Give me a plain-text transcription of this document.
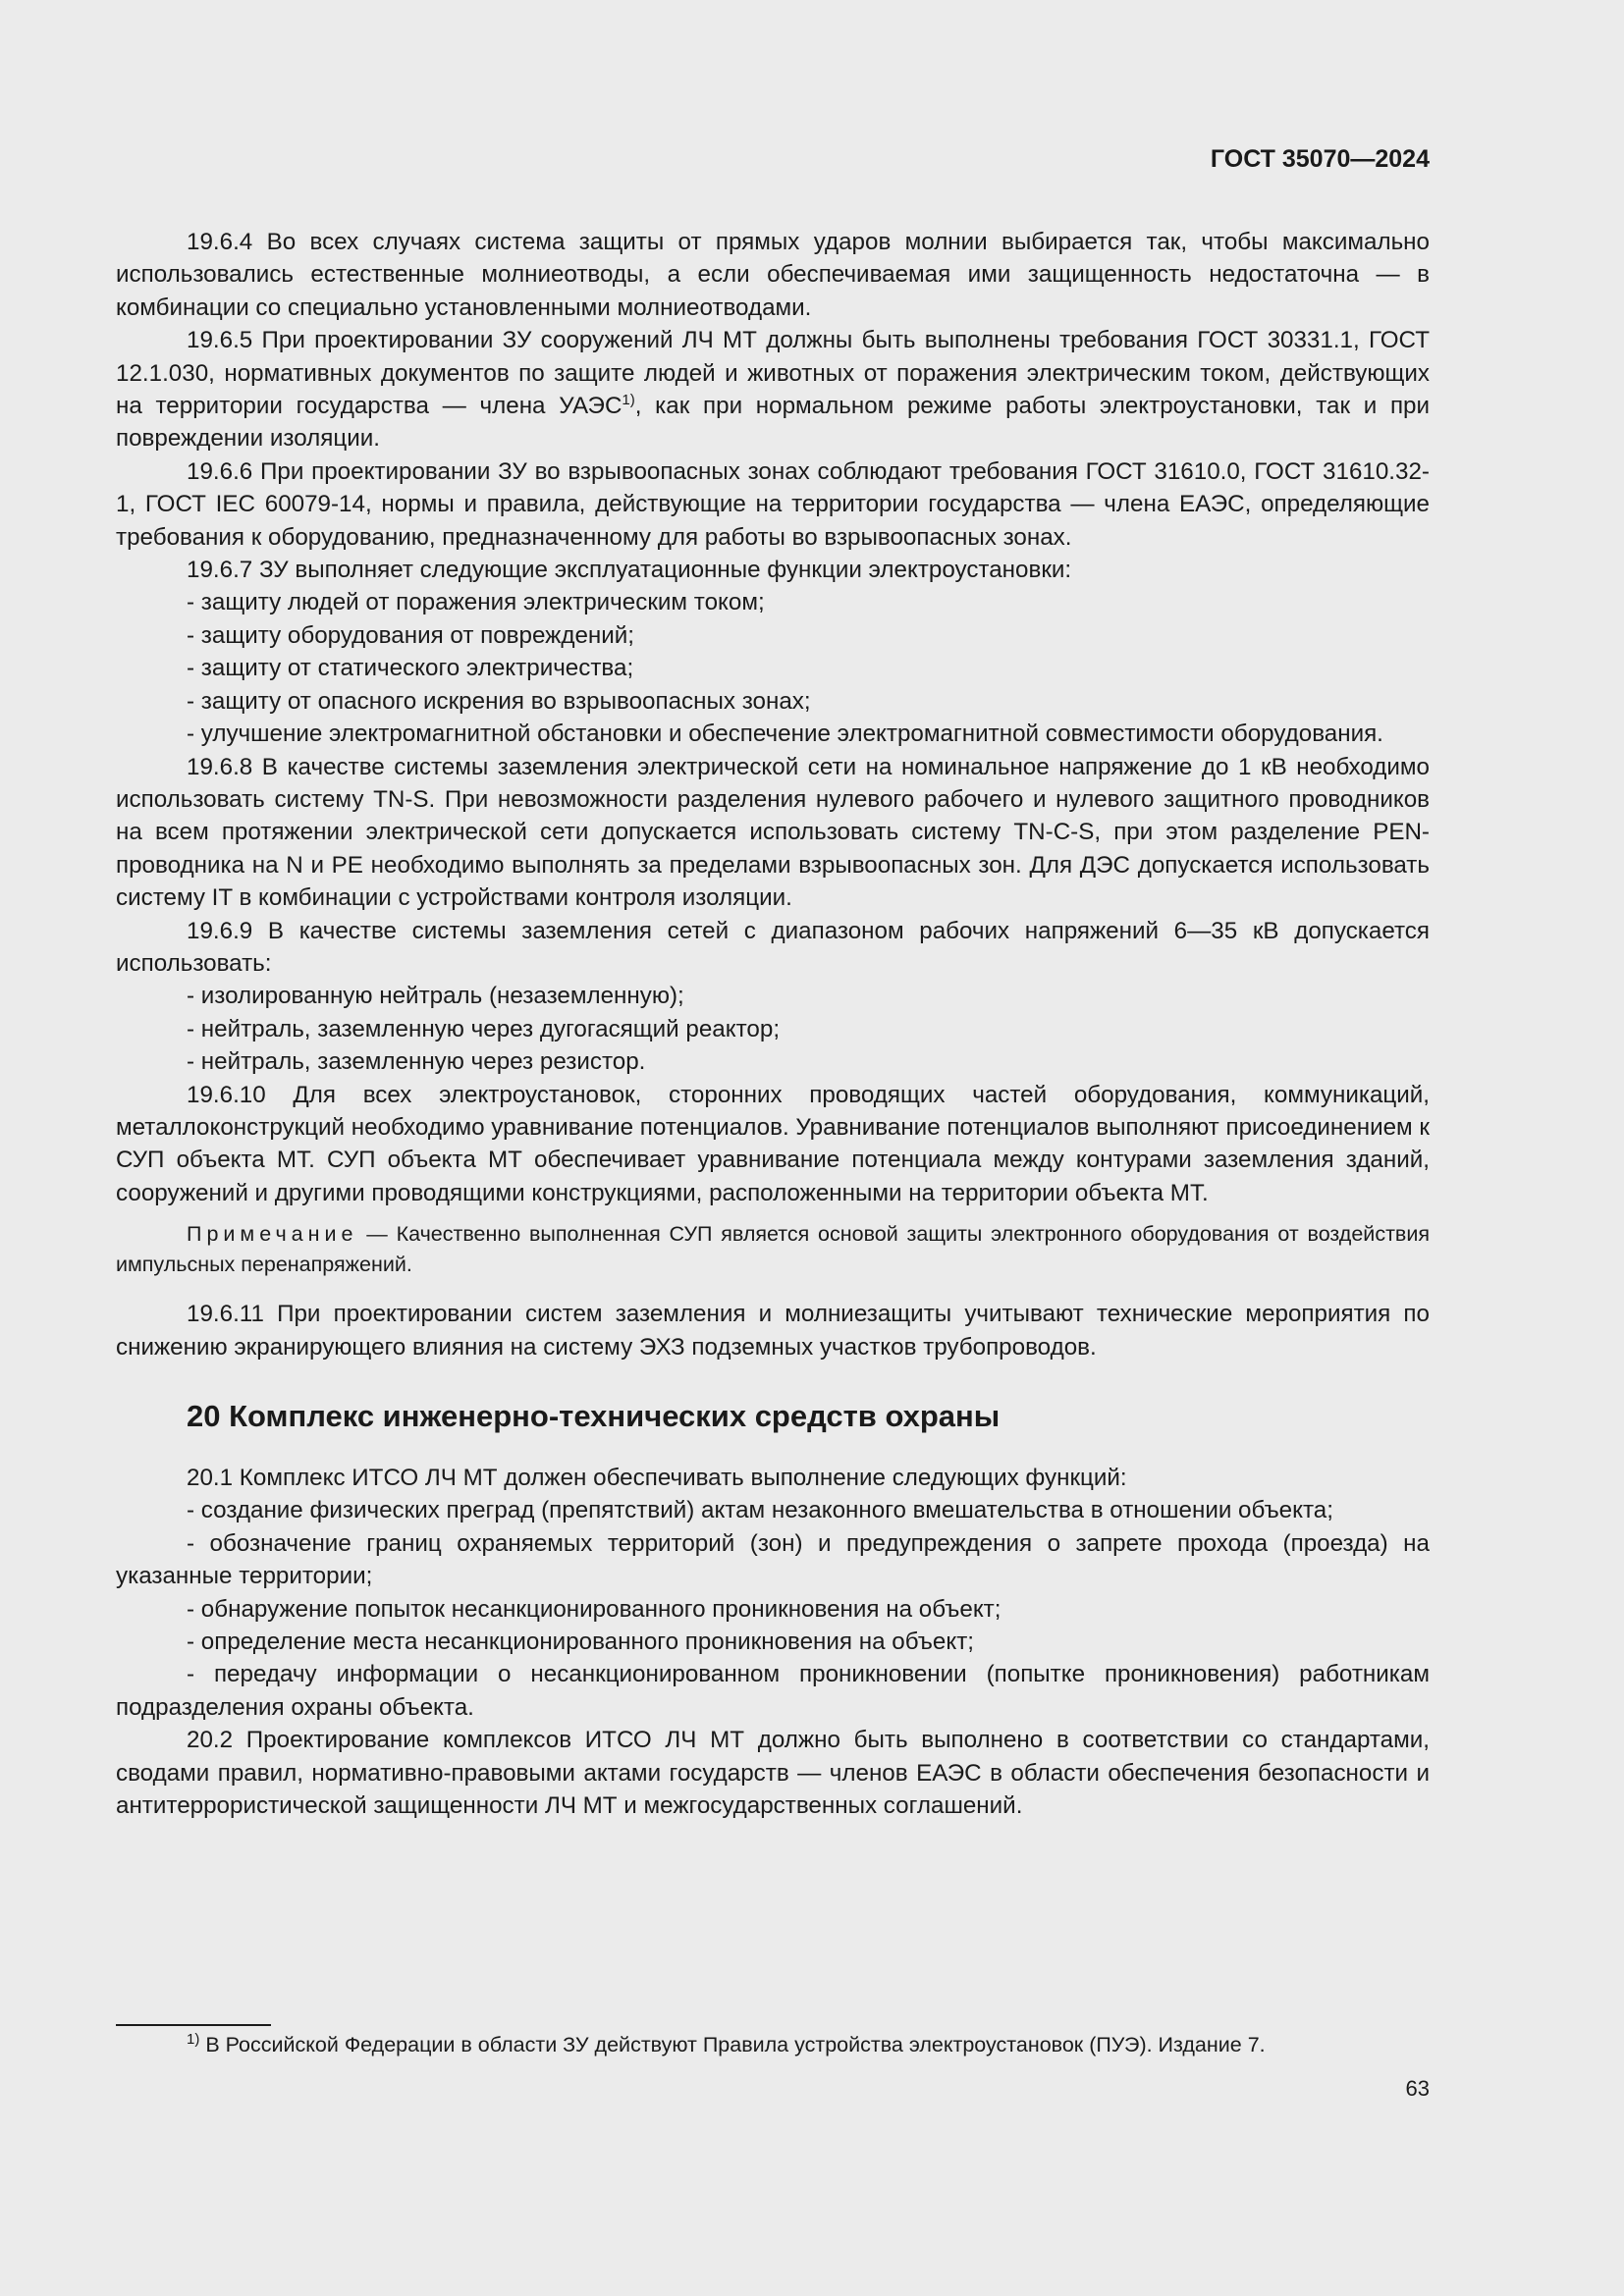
ГОСТ 35070—2024

19.6.4 Во всех случаях система защиты от прямых ударов молнии выбирается так, чтобы максимально использовались естественные молниеотводы, а если обеспечиваемая ими защищенность недостаточна — в комбинации со специально установленными молниеотводами.

19.6.5 При проектировании ЗУ сооружений ЛЧ МТ должны быть выполнены требования ГОСТ 30331.1, ГОСТ 12.1.030, нормативных документов по защите людей и животных от поражения электрическим током, действующих на территории государства — члена УАЭС$^{1)}$, как при нормальном режиме работы электроустановки, так и при повреждении изоляции.

19.6.6 При проектировании ЗУ во взрывоопасных зонах соблюдают требования ГОСТ 31610.0, ГОСТ 31610.32-1, ГОСТ IEC 60079-14, нормы и правила, действующие на территории государства — члена ЕАЭС, определяющие требования к оборудованию, предназначенному для работы во взрывоопасных зонах.

19.6.7 ЗУ выполняет следующие эксплуатационные функции электроустановки:

- защиту людей от поражения электрическим током;

- защиту оборудования от повреждений;

- защиту от статического электричества;

- защиту от опасного искрения во взрывоопасных зонах;

- улучшение электромагнитной обстановки и обеспечение электромагнитной совместимости оборудования.

19.6.8 В качестве системы заземления электрической сети на номинальное напряжение до 1 кВ необходимо использовать систему TN-S. При невозможности разделения нулевого рабочего и нулевого защитного проводников на всем протяжении электрической сети допускается использовать систему TN-C-S, при этом разделение PEN-проводника на N и PE необходимо выполнять за пределами взрывоопасных зон. Для ДЭС допускается использовать систему IT в комбинации с устройствами контроля изоляции.

19.6.9 В качестве системы заземления сетей с диапазоном рабочих напряжений 6—35 кВ допускается использовать:

- изолированную нейтраль (незаземленную);

- нейтраль, заземленную через дугогасящий реактор;

- нейтраль, заземленную через резистор.

19.6.10 Для всех электроустановок, сторонних проводящих частей оборудования, коммуникаций, металлоконструкций необходимо уравнивание потенциалов. Уравнивание потенциалов выполняют присоединением к СУП объекта МТ. СУП объекта МТ обеспечивает уравнивание потенциала между контурами заземления зданий, сооружений и другими проводящими конструкциями, расположенными на территории объекта МТ.

Примечание — Качественно выполненная СУП является основой защиты электронного оборудования от воздействия импульсных перенапряжений.

19.6.11 При проектировании систем заземления и молниезащиты учитывают технические мероприятия по снижению экранирующего влияния на систему ЭХЗ подземных участков трубопроводов.

20 Комплекс инженерно-технических средств охраны

20.1 Комплекс ИТСО ЛЧ МТ должен обеспечивать выполнение следующих функций:

- создание физических преград (препятствий) актам незаконного вмешательства в отношении объекта;

- обозначение границ охраняемых территорий (зон) и предупреждения о запрете прохода (проезда) на указанные территории;

- обнаружение попыток несанкционированного проникновения на объект;

- определение места несанкционированного проникновения на объект;

- передачу информации о несанкционированном проникновении (попытке проникновения) работникам подразделения охраны объекта.

20.2 Проектирование комплексов ИТСО ЛЧ МТ должно быть выполнено в соответствии со стандартами, сводами правил, нормативно-правовыми актами государств — членов ЕАЭС в области обеспечения безопасности и антитеррористической защищенности ЛЧ МТ и межгосударственных соглашений.

$^{1)}$ В Российской Федерации в области ЗУ действуют Правила устройства электроустановок (ПУЭ). Издание 7.
63
